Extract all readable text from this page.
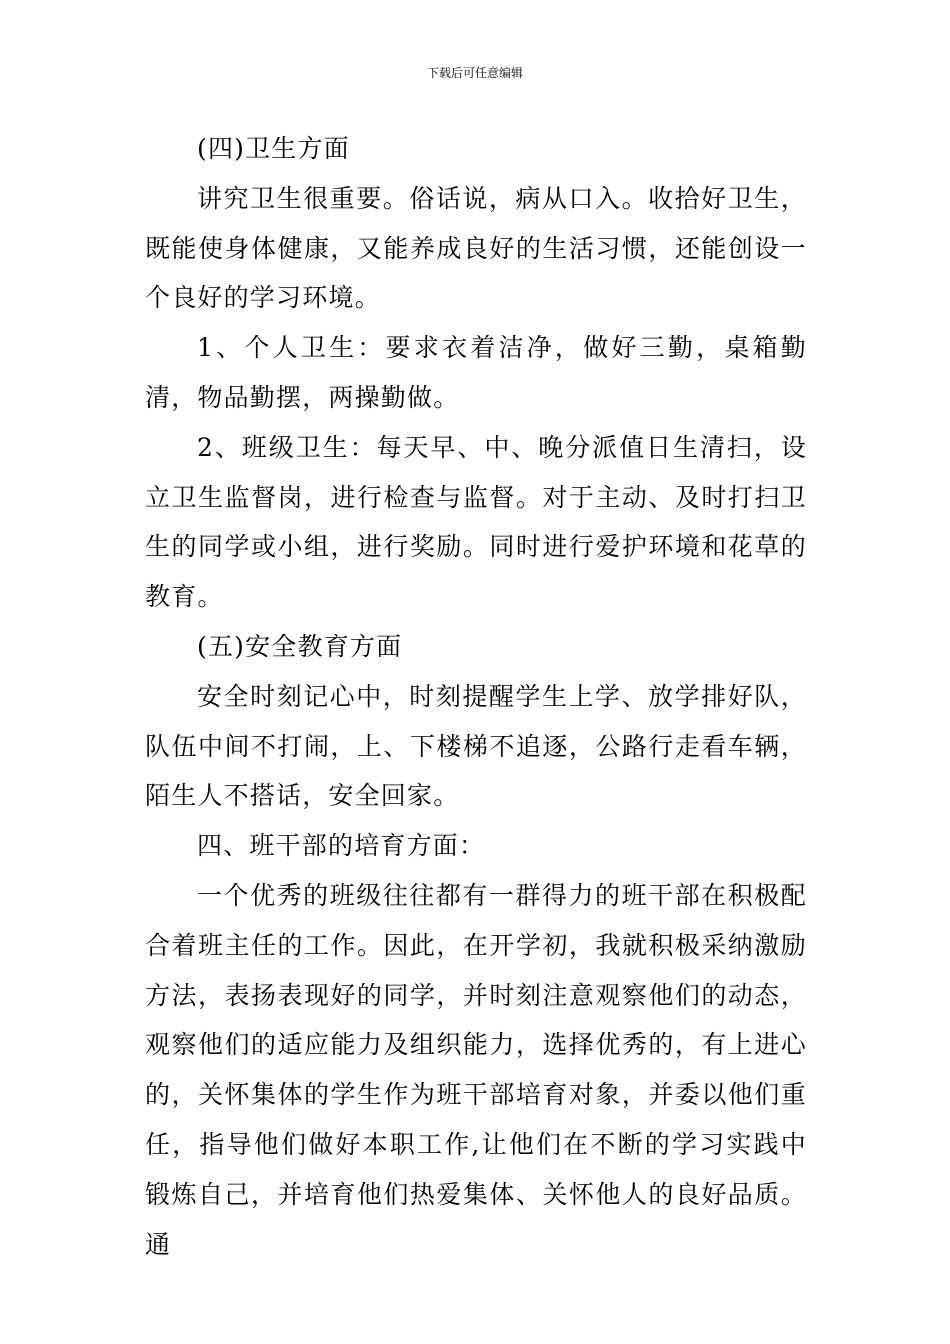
下载后可任意编辑

(四)卫生方面

讲究卫生很重要。俗话说，病从口入。收拾好卫生，既能使身体健康，又能养成良好的生活习惯，还能创设一个良好的学习环境。

1、个人卫生：要求衣着洁净，做好三勤，桌箱勤清，物品勤摆，两操勤做。

2、班级卫生：每天早、中、晚分派值日生清扫，设立卫生监督岗，进行检查与监督。对于主动、及时打扫卫生的同学或小组，进行奖励。同时进行爱护环境和花草的教育。

(五)安全教育方面

安全时刻记心中，时刻提醒学生上学、放学排好队，队伍中间不打闹，上、下楼梯不追逐，公路行走看车辆，陌生人不搭话，安全回家。

四、班干部的培育方面：

一个优秀的班级往往都有一群得力的班干部在积极配合着班主任的工作。因此，在开学初，我就积极采纳激励方法，表扬表现好的同学，并时刻注意观察他们的动态，观察他们的适应能力及组织能力，选择优秀的，有上进心的，关怀集体的学生作为班干部培育对象，并委以他们重任，指导他们做好本职工作,让他们在不断的学习实践中锻炼自己，并培育他们热爱集体、关怀他人的良好品质。通
